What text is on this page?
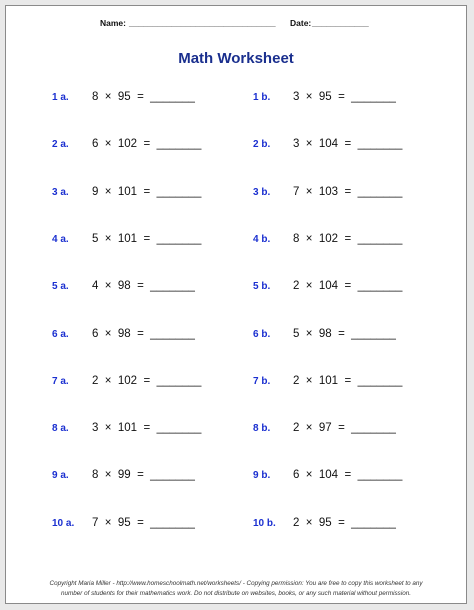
Name: _______________________________ Date: ____________
Math Worksheet
1 a. 8  ×  95  =  _______
2 a. 6  ×  102  =  _______
3 a. 9  ×  101  =  _______
4 a. 5  ×  101  =  _______
5 a. 4  ×  98  =  _______
6 a. 6  ×  98  =  _______
7 a. 2  ×  102  =  _______
8 a. 3  ×  101  =  _______
9 a. 8  ×  99  =  _______
10 a. 7  ×  95  =  _______
1 b. 3  ×  95  =  _______
2 b. 3  ×  104  =  _______
3 b. 7  ×  103  =  _______
4 b. 8  ×  102  =  _______
5 b. 2  ×  104  =  _______
6 b. 5  ×  98  =  _______
7 b. 2  ×  101  =  _______
8 b. 2  ×  97  =  _______
9 b. 6  ×  104  =  _______
10 b. 2  ×  95  =  _______
Copyright Maria Miller - http://www.homeschoolmath.net/worksheets/ - Copying permission: You are free to copy this worksheet to any
number of students for their mathematics work. Do not distribute on websites, books, or any such material without permission.
